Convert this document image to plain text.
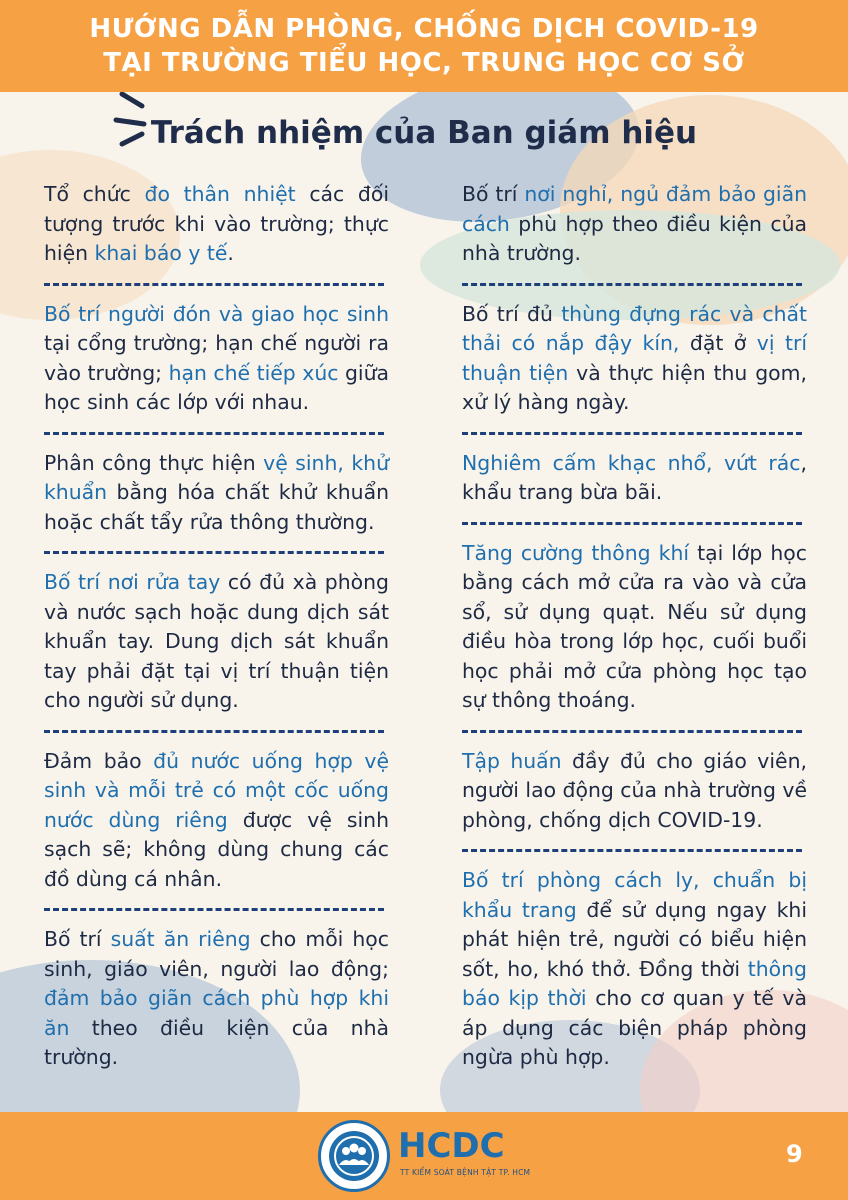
HƯỚNG DẪN PHÒNG, CHỐNG DỊCH COVID-19
TẠI TRƯỜNG TIỂU HỌC, TRUNG HỌC CƠ SỞ
Trách nhiệm của Ban giám hiệu
Tổ chức đo thân nhiệt các đối tượng trước khi vào trường; thực hiện khai báo y tế.
Bố trí người đón và giao học sinh tại cổng trường; hạn chế người ra vào trường; hạn chế tiếp xúc giữa học sinh các lớp với nhau.
Phân công thực hiện vệ sinh, khử khuẩn bằng hóa chất khử khuẩn hoặc chất tẩy rửa thông thường.
Bố trí nơi rửa tay có đủ xà phòng và nước sạch hoặc dung dịch sát khuẩn tay. Dung dịch sát khuẩn tay phải đặt tại vị trí thuận tiện cho người sử dụng.
Đảm bảo đủ nước uống hợp vệ sinh và mỗi trẻ có một cốc uống nước dùng riêng được vệ sinh sạch sẽ; không dùng chung các đồ dùng cá nhân.
Bố trí suất ăn riêng cho mỗi học sinh, giáo viên, người lao động; đảm bảo giãn cách phù hợp khi ăn theo điều kiện của nhà trường.
Bố trí nơi nghỉ, ngủ đảm bảo giãn cách phù hợp theo điều kiện của nhà trường.
Bố trí đủ thùng đựng rác và chất thải có nắp đậy kín, đặt ở vị trí thuận tiện và thực hiện thu gom, xử lý hàng ngày.
Nghiêm cấm khạc nhổ, vứt rác, khẩu trang bừa bãi.
Tăng cường thông khí tại lớp học bằng cách mở cửa ra vào và cửa sổ, sử dụng quạt. Nếu sử dụng điều hòa trong lớp học, cuối buổi học phải mở cửa phòng học tạo sự thông thoáng.
Tập huấn đầy đủ cho giáo viên, người lao động của nhà trường về phòng, chống dịch COVID-19.
Bố trí phòng cách ly, chuẩn bị khẩu trang để sử dụng ngay khi phát hiện trẻ, người có biểu hiện sốt, ho, khó thở. Đồng thời thông báo kịp thời cho cơ quan y tế và áp dụng các biện pháp phòng ngừa phù hợp.
HCDC
TT KIỂM SOÁT BỆNH TẬT TP. HCM
9
